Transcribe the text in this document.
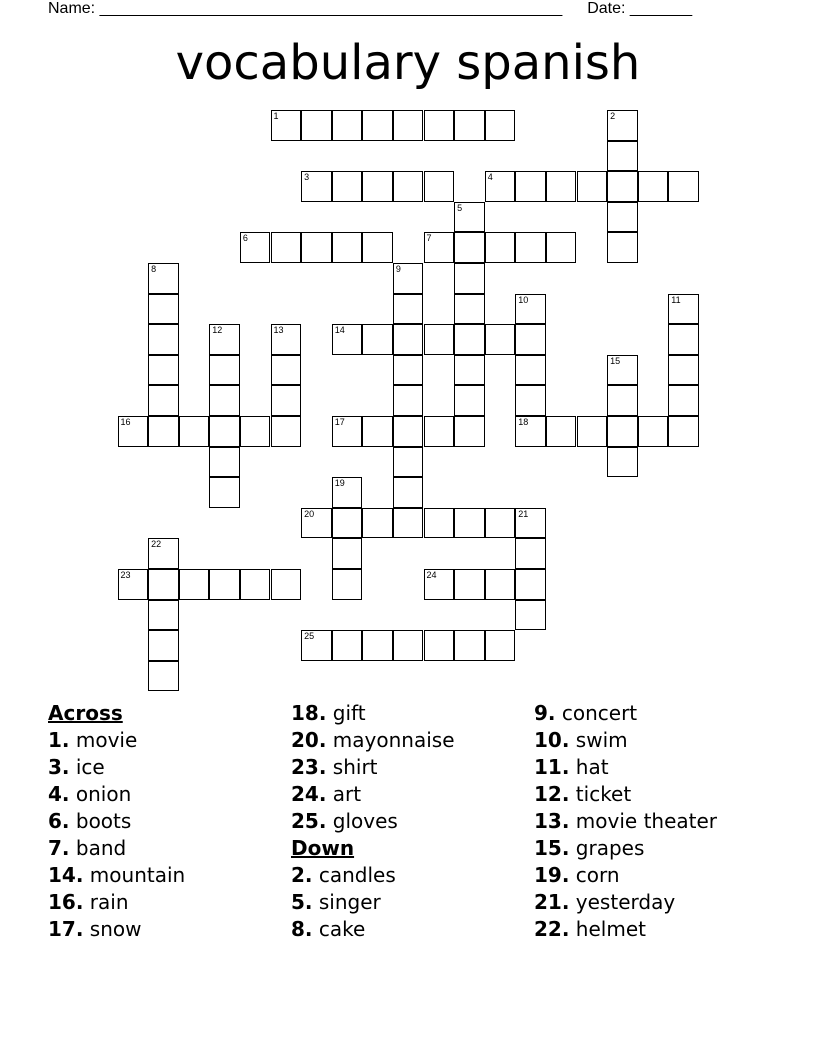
Name: ____________________________________________________ Date: _______
vocabulary spanish
1	2
3	4
5
6	7
8	9
10	11
12	13	14
15
16	17	18
19
20	21
22
23	24
25
Across
1. movie
3. ice
4. onion
6. boots
7. band
14. mountain
16. rain
17. snow
18. gift
20. mayonnaise
23. shirt
24. art
25. gloves
Down
2. candles
5. singer
8. cake
9. concert
10. swim
11. hat
12. ticket
13. movie theater
15. grapes
19. corn
21. yesterday
22. helmet
